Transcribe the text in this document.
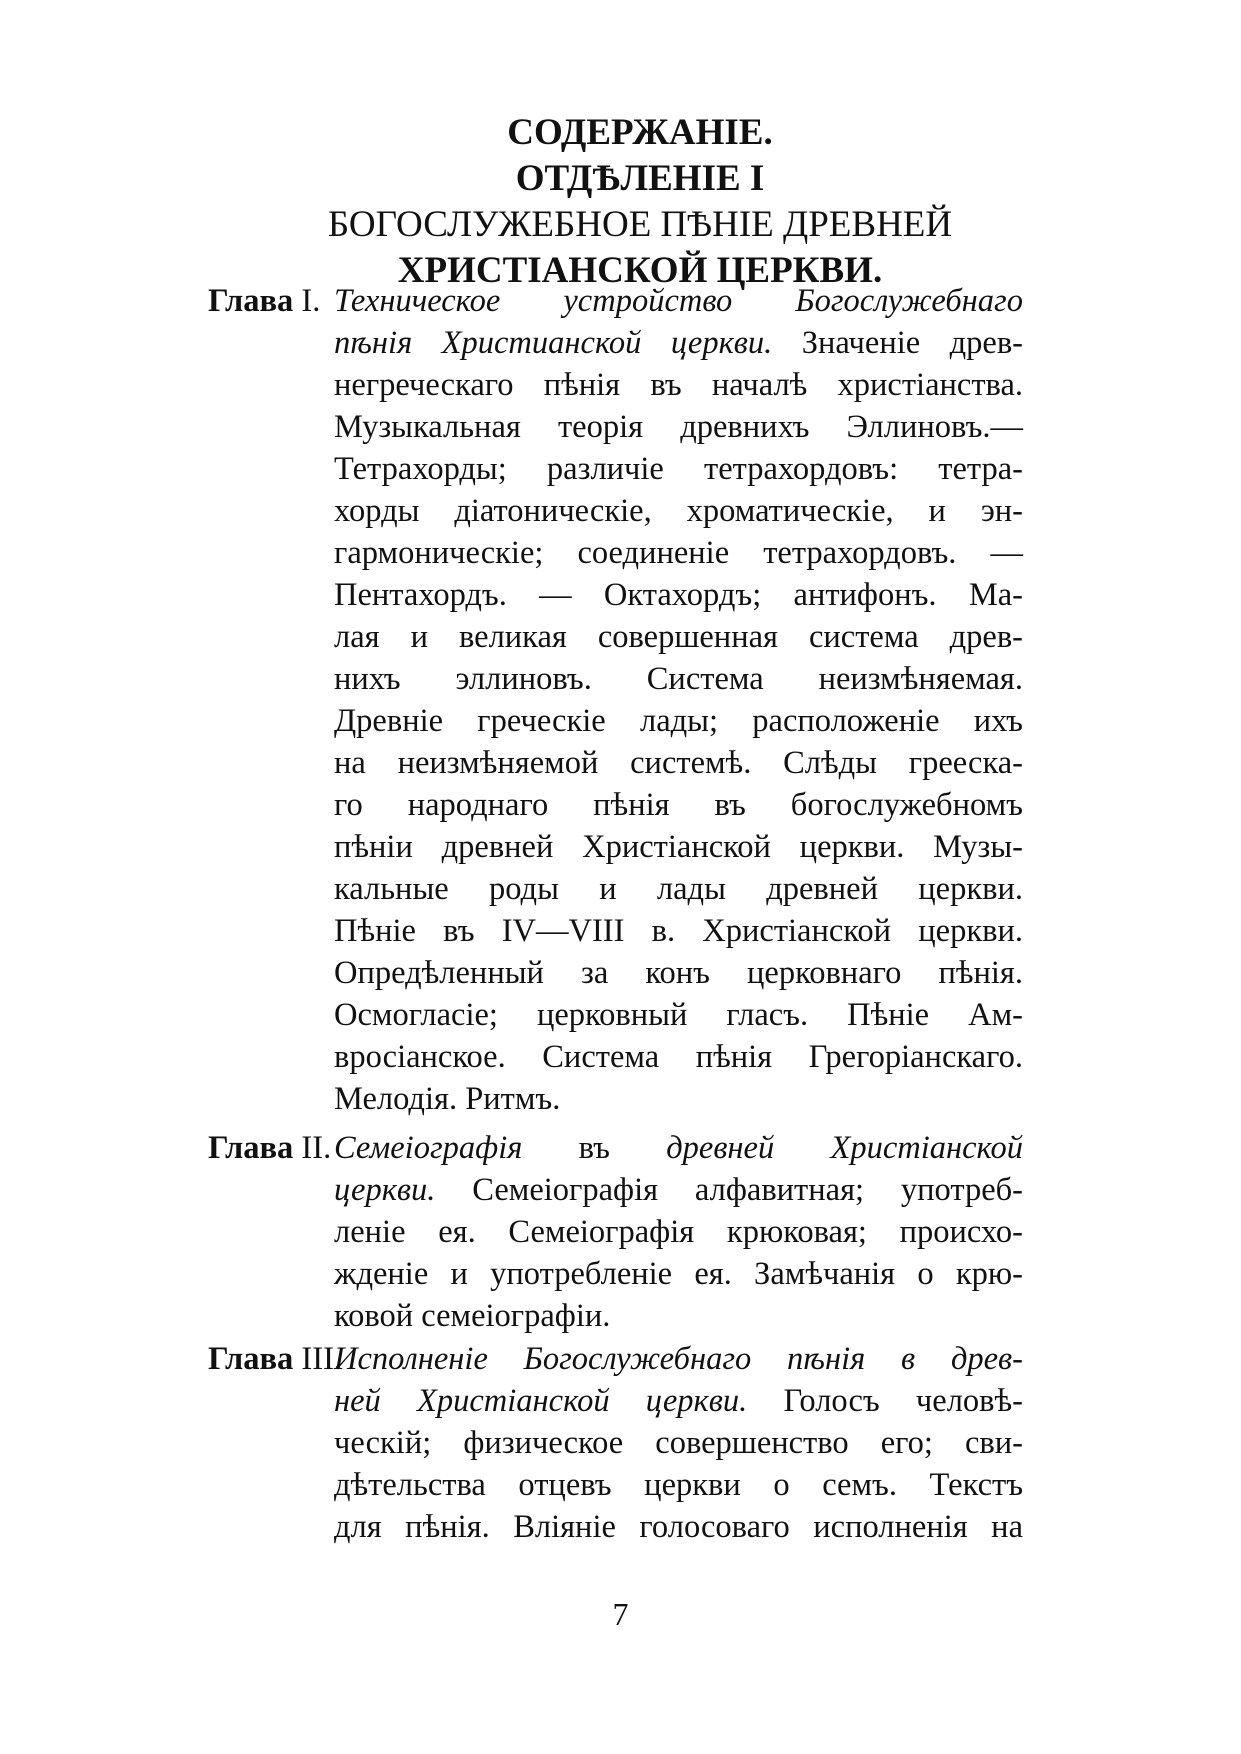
СОДЕРЖАНІЕ.
ОТДѢЛЕНІЕ I
БОГОСЛУЖЕБНОЕ ПѢНІЕ ДРЕВНЕЙ
ХРИСТІАНСКОЙ ЦЕРКВИ.
Глава I. Техническое устройство Богослужебнаго
пѣнія Христианской церкви. Значеніе древ-
негреческаго пѣнія въ началѣ христіанства.
Музыкальная теорія древнихъ Эллиновъ.—
Тетрахорды; различіе тетрахордовъ: тетра-
хорды діатоническіе, хроматическіе, и эн-
гармоническіе; соединеніе тетрахордовъ. —
Пентахордъ. — Октахордъ; антифонъ. Ма-
лая и великая совершенная система древ-
нихъ эллиновъ. Система неизмѣняемая.
Древніе греческіе лады; расположеніе ихъ
на неизмѣняемой системѣ. Слѣды грееска-
го народнаго пѣнія въ богослужебномъ
пѣніи древней Христіанской церкви. Музы-
кальные роды и лады древней церкви.
Пѣніе въ IV—VIII в. Христіанской церкви.
Опредѣленный за конъ церковнаго пѣнія.
Осмогласіе; церковный гласъ. Пѣніе Ам-
вросіанское. Система пѣнія Грегоріанскаго.
Мелодія. Ритмъ.
Глава II. Семеіографія въ древней Христіанской
церкви. Семеіографія алфавитная; употреб-
леніе ея. Семеіографія крюковая; происхо-
жденіе и употребленіе ея. Замѣчанія о крю-
ковой семеіографіи.
Глава III.
Исполненіе Богослужебнаго пѣнія в древ-
ней Христіанской церкви. Голосъ человѣ-
ческій; физическое совершенство его; сви-
дѣтельства отцевъ церкви о семъ. Текстъ
для пѣнія. Вліяніе голосоваго исполненія на
7
